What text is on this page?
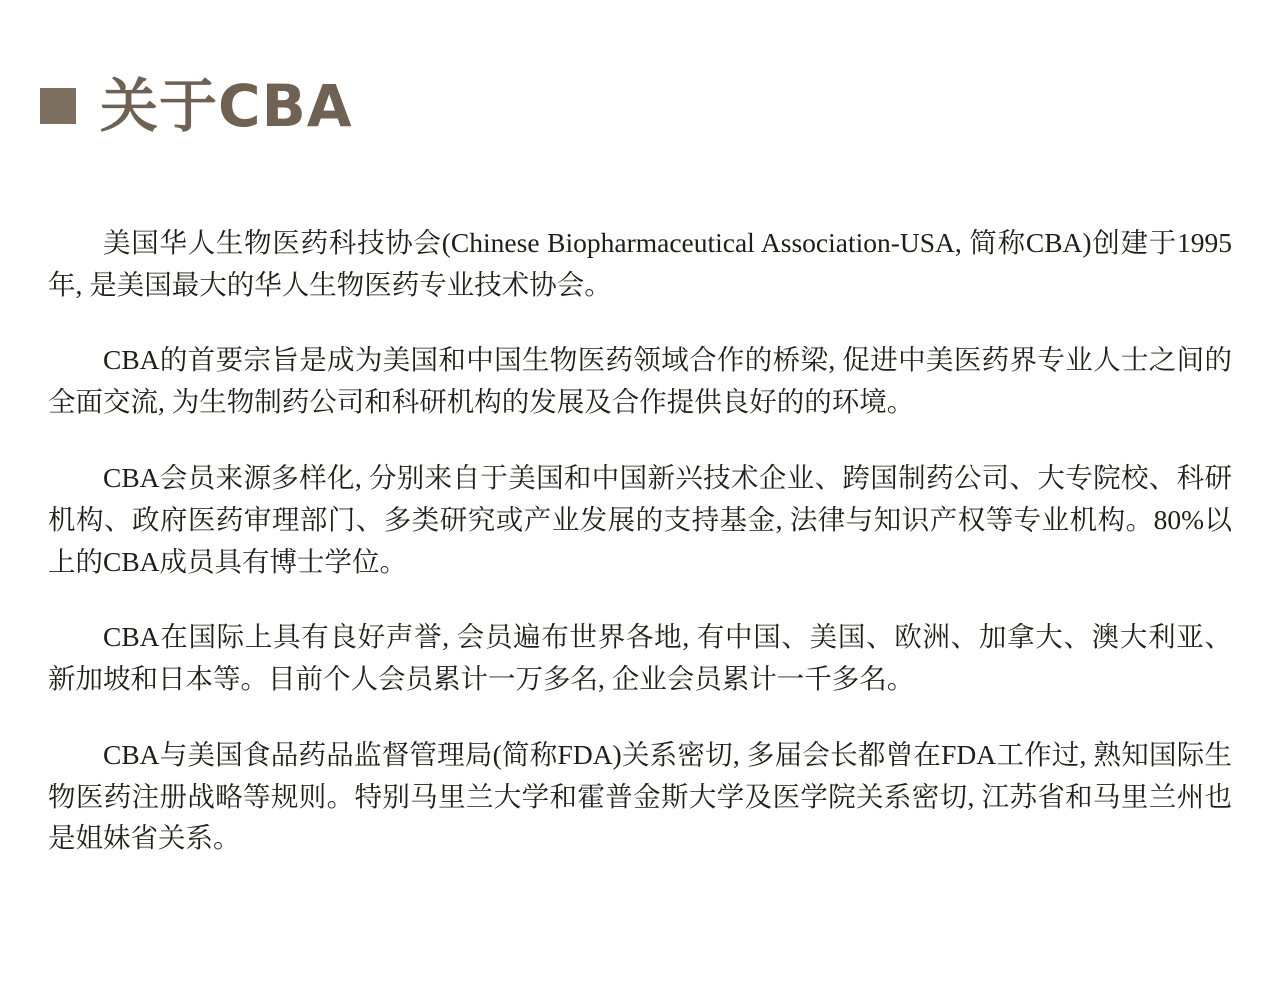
关于CBA

美国华人生物医药科技协会(Chinese Biopharmaceutical Association-USA, 简称CBA)创建于1995年, 是美国最大的华人生物医药专业技术协会。

CBA的首要宗旨是成为美国和中国生物医药领域合作的桥梁, 促进中美医药界专业人士之间的全面交流, 为生物制药公司和科研机构的发展及合作提供良好的的环境。

CBA会员来源多样化, 分别来自于美国和中国新兴技术企业、跨国制药公司、大专院校、科研机构、政府医药审理部门、多类研究或产业发展的支持基金, 法律与知识产权等专业机构。80%以上的CBA成员具有博士学位。

CBA在国际上具有良好声誉, 会员遍布世界各地, 有中国、美国、欧洲、加拿大、澳大利亚、新加坡和日本等。目前个人会员累计一万多名, 企业会员累计一千多名。

CBA与美国食品药品监督管理局(简称FDA)关系密切, 多届会长都曾在FDA工作过, 熟知国际生物医药注册战略等规则。特别马里兰大学和霍普金斯大学及医学院关系密切, 江苏省和马里兰州也是姐妹省关系。
